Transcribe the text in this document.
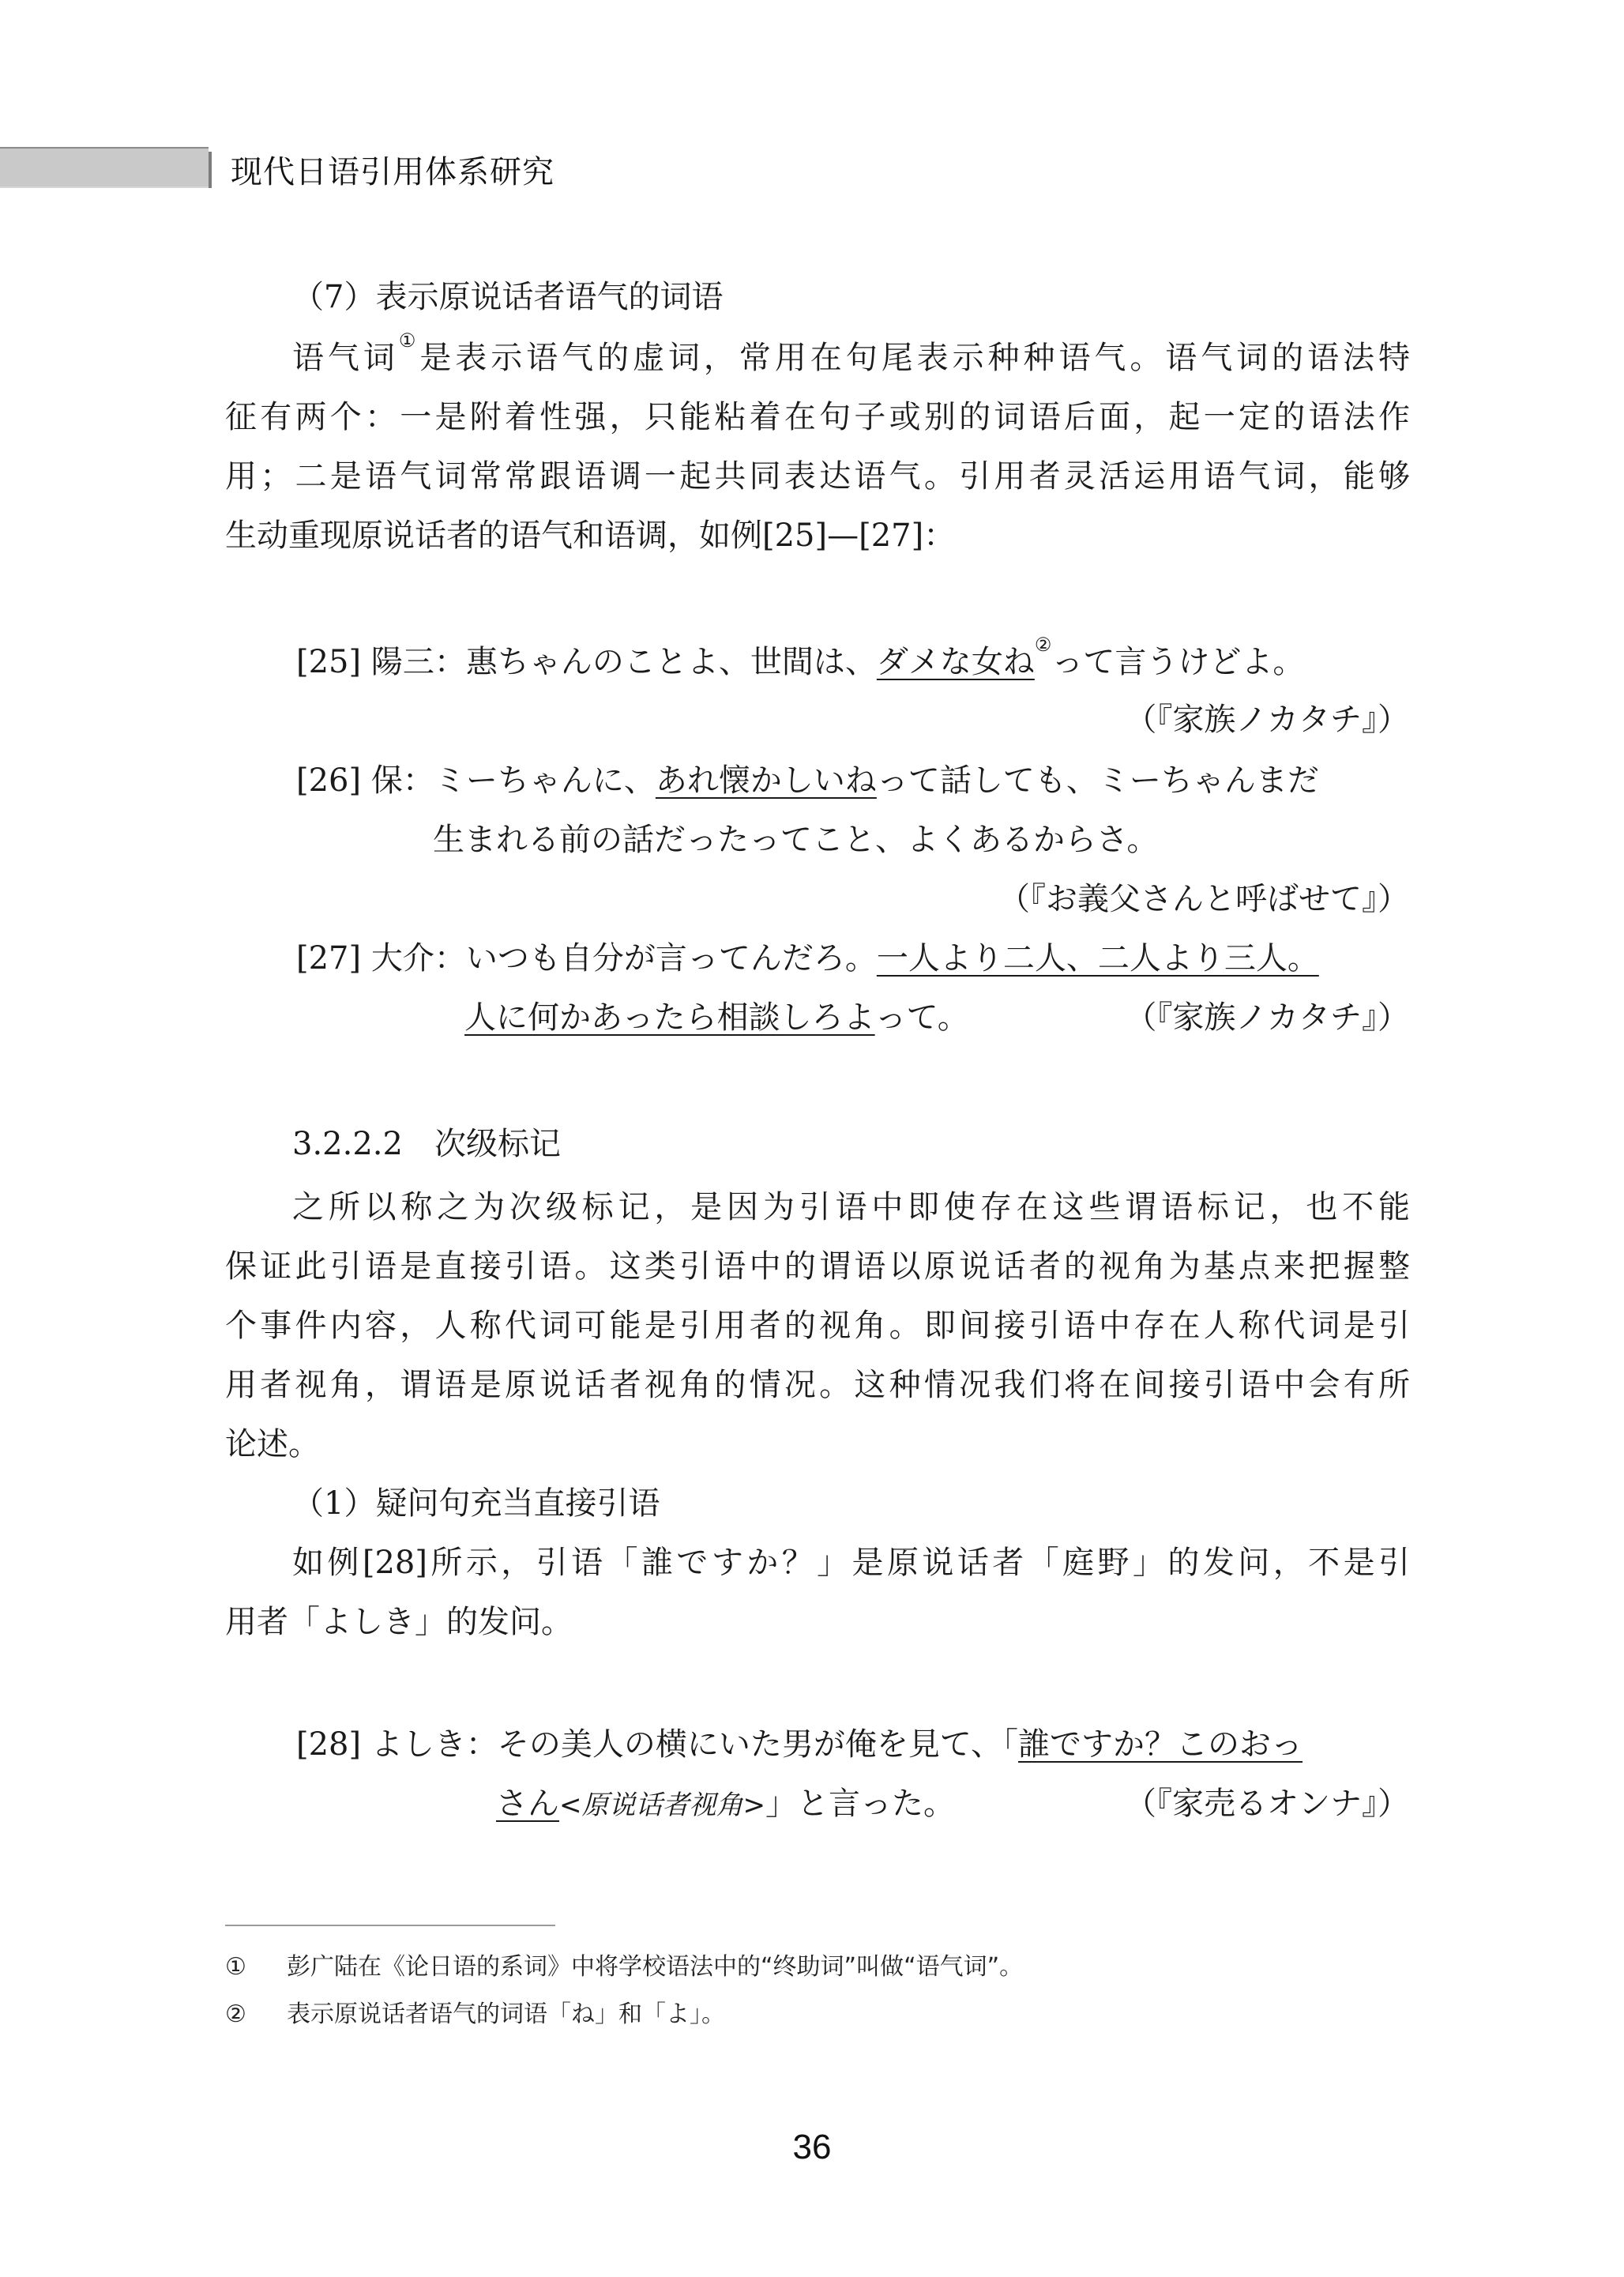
现代日语引用体系研究
（7）表示原说话者语气的词语
语气词①是表示语气的虚词，常用在句尾表示种种语气。语气词的语法特
征有两个：一是附着性强，只能粘着在句子或别的词语后面，起一定的语法作
用；二是语气词常常跟语调一起共同表达语气。引用者灵活运用语气词，能够
生动重现原说话者的语气和语调，如例[25]—[27]：
[25] 陽三：惠ちゃんのことよ、世間は、ダメな女ね②って言うけどよ。
（『家族ノカタチ』）
[26] 保：ミーちゃんに、あれ懐かしいねって話しても、ミーちゃんまだ
生まれる前の話だったってこと、よくあるからさ。
（『お義父さんと呼ばせて』）
[27] 大介：いつも自分が言ってんだろ。一人より二人、二人より三人。
人に何かあったら相談しろよって。	（『家族ノカタチ』）
3.2.2.2　次级标记
之所以称之为次级标记，是因为引语中即使存在这些谓语标记，也不能
保证此引语是直接引语。这类引语中的谓语以原说话者的视角为基点来把握整
个事件内容，人称代词可能是引用者的视角。即间接引语中存在人称代词是引
用者视角，谓语是原说话者视角的情况。这种情况我们将在间接引语中会有所
论述。
（1）疑问句充当直接引语
如例[28]所示，引语「誰ですか？」是原说话者「庭野」的发问，不是引
用者「よしき」的发问。
[28] よしき：その美人の横にいた男が俺を見て、「誰ですか？このおっ
さん<原说话者视角>」と言った。	（『家売るオンナ』）
① 彭广陆在《论日语的系词》中将学校语法中的“终助词”叫做“语气词”。
② 表示原说话者语气的词语「ね」和「よ」。
36
